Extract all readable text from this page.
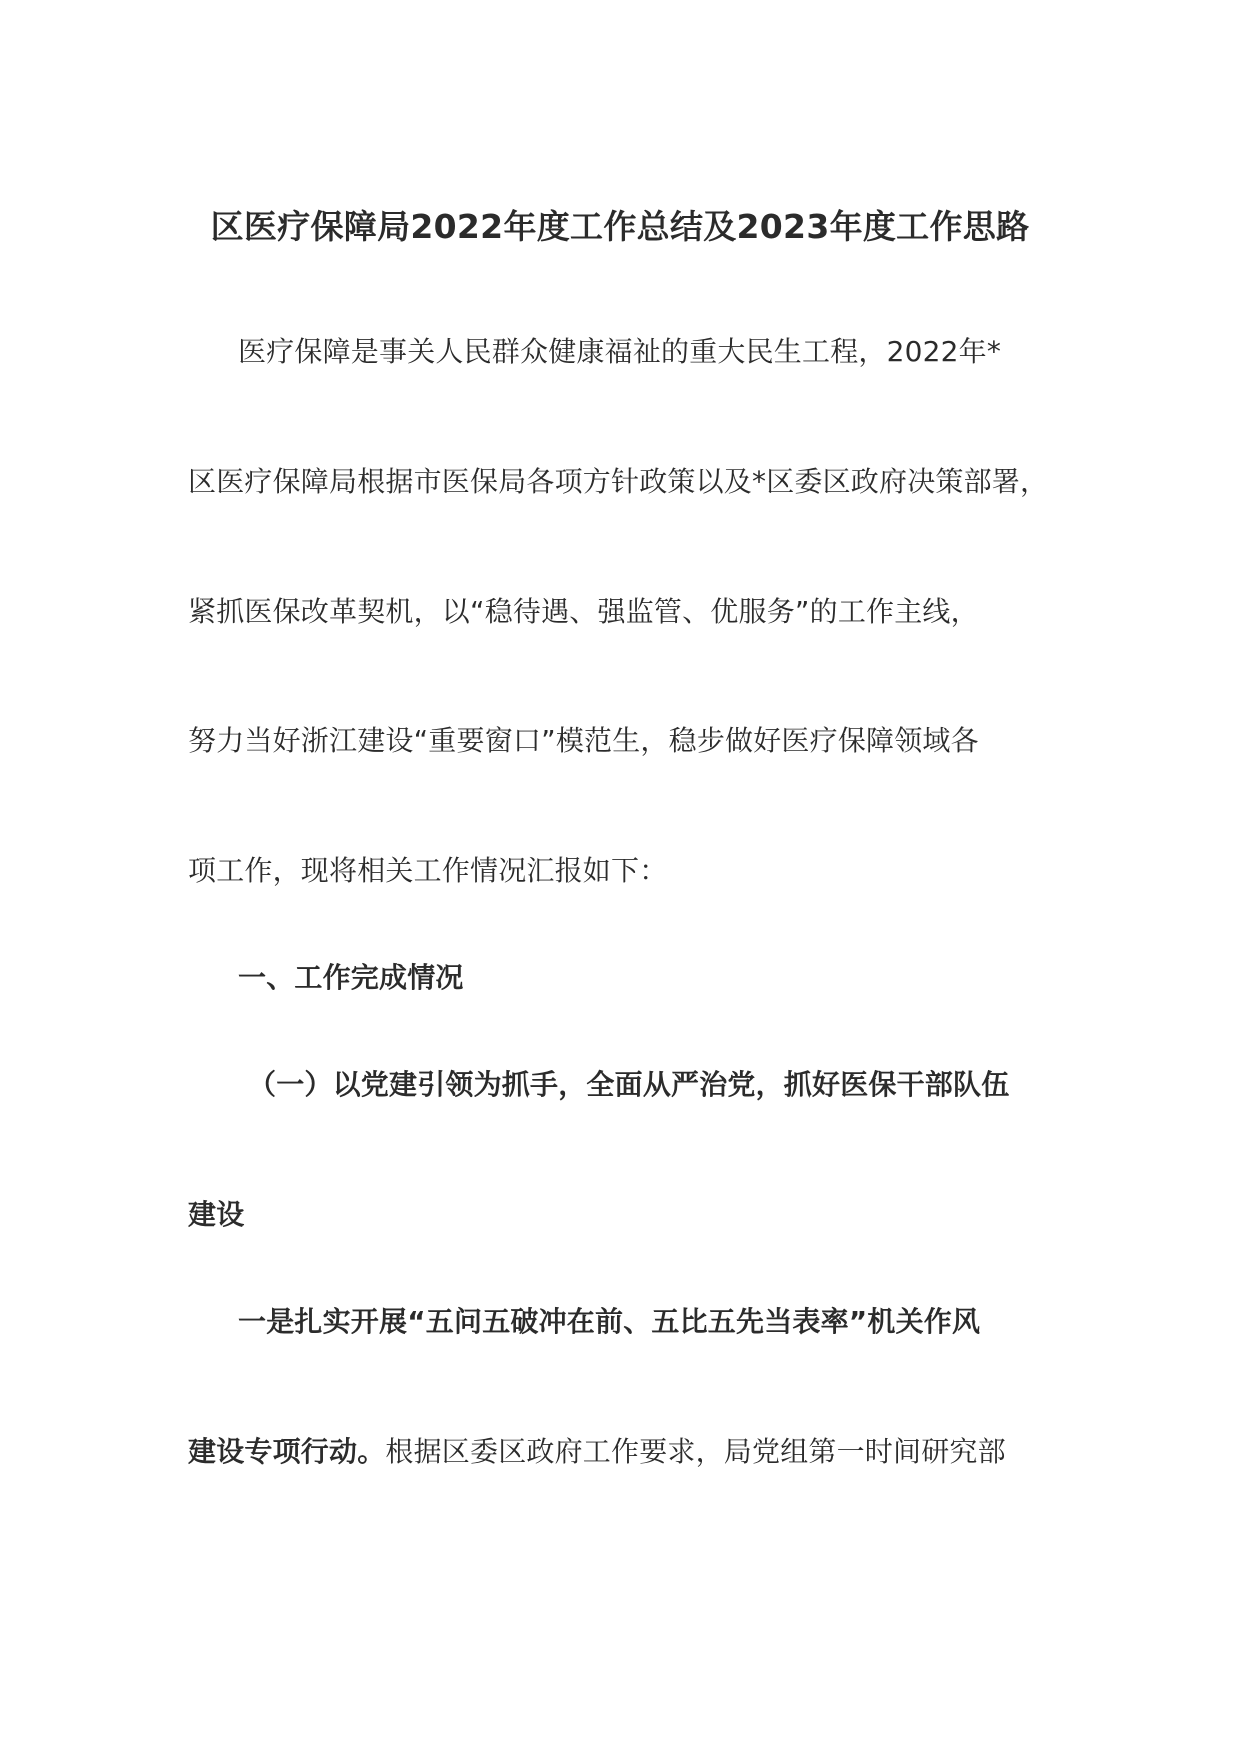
区医疗保障局2022年度工作总结及2023年度工作思路
医疗保障是事关人民群众健康福祉的重大民生工程，2022年*
区医疗保障局根据市医保局各项方针政策以及*区委区政府决策部署，
紧抓医保改革契机，以“稳待遇、强监管、优服务”的工作主线，
努力当好浙江建设“重要窗口”模范生，稳步做好医疗保障领域各
项工作，现将相关工作情况汇报如下：
一、工作完成情况
（一）以党建引领为抓手，全面从严治党，抓好医保干部队伍
建设
一是扎实开展“五问五破冲在前、五比五先当表率”机关作风
建设专项行动。根据区委区政府工作要求，局党组第一时间研究部
